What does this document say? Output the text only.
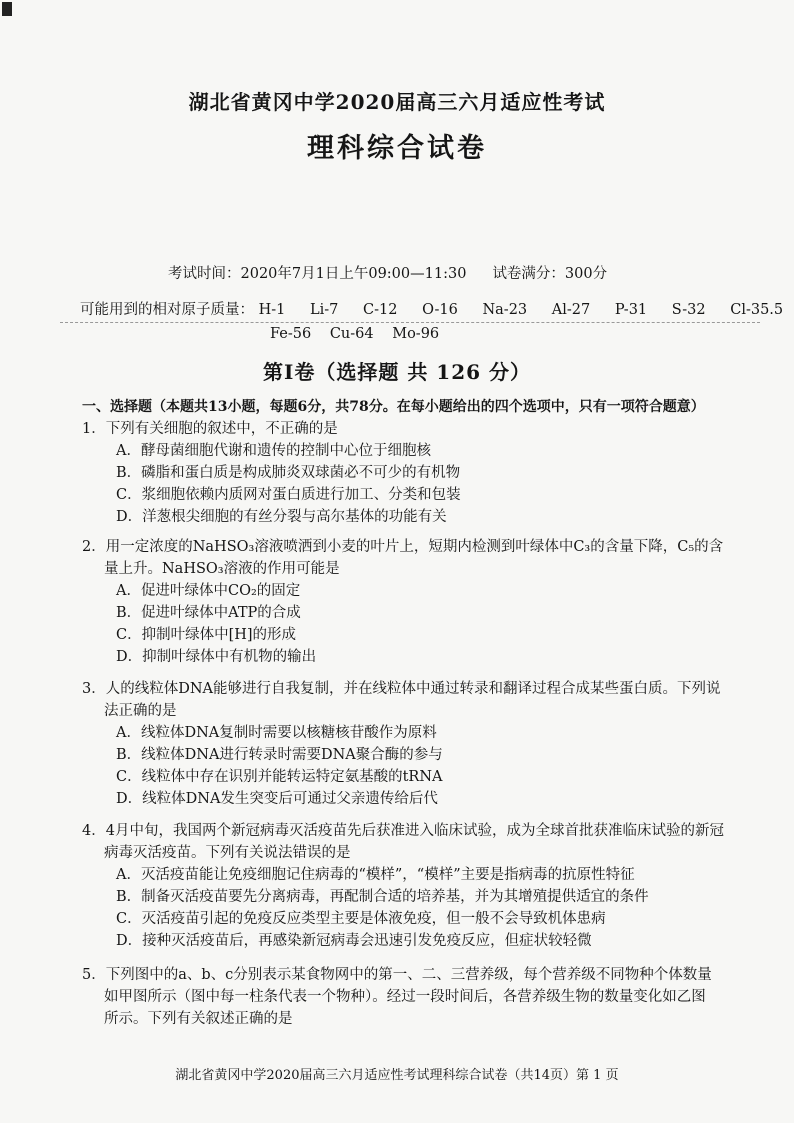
湖北省黄冈中学2020届高三六月适应性考试
理科综合试卷
考试时间：2020年7月1日上午09:00—11:30 试卷满分：300分
可能用到的相对原子质量： H-1 Li-7 C-12 O-16 Na-23 Al-27 P-31 S-32 Cl-35.5
Fe-56 Cu-64 Mo-96
第Ⅰ卷（选择题 共 126 分）
一、选择题（本题共13小题，每题6分，共78分。在每小题给出的四个选项中，只有一项符合题意）
1．下列有关细胞的叙述中，不正确的是
A．酵母菌细胞代谢和遗传的控制中心位于细胞核
B．磷脂和蛋白质是构成肺炎双球菌必不可少的有机物
C．浆细胞依赖内质网对蛋白质进行加工、分类和包装
D．洋葱根尖细胞的有丝分裂与高尔基体的功能有关
2．用一定浓度的NaHSO₃溶液喷洒到小麦的叶片上，短期内检测到叶绿体中C₃的含量下降，C₅的含
量上升。NaHSO₃溶液的作用可能是
A．促进叶绿体中CO₂的固定
B．促进叶绿体中ATP的合成
C．抑制叶绿体中[H]的形成
D．抑制叶绿体中有机物的输出
3．人的线粒体DNA能够进行自我复制，并在线粒体中通过转录和翻译过程合成某些蛋白质。下列说
法正确的是
A．线粒体DNA复制时需要以核糖核苷酸作为原料
B．线粒体DNA进行转录时需要DNA聚合酶的参与
C．线粒体中存在识别并能转运特定氨基酸的tRNA
D．线粒体DNA发生突变后可通过父亲遗传给后代
4．4月中旬，我国两个新冠病毒灭活疫苗先后获准进入临床试验，成为全球首批获准临床试验的新冠
病毒灭活疫苗。下列有关说法错误的是
A．灭活疫苗能让免疫细胞记住病毒的“模样”，“模样”主要是指病毒的抗原性特征
B．制备灭活疫苗要先分离病毒，再配制合适的培养基，并为其增殖提供适宜的条件
C．灭活疫苗引起的免疫反应类型主要是体液免疫，但一般不会导致机体患病
D．接种灭活疫苗后，再感染新冠病毒会迅速引发免疫反应，但症状较轻微
5．下列图中的a、b、c分别表示某食物网中的第一、二、三营养级，每个营养级不同物种个体数量
如甲图所示（图中每一柱条代表一个物种）。经过一段时间后，各营养级生物的数量变化如乙图
所示。下列有关叙述正确的是
湖北省黄冈中学2020届高三六月适应性考试理科综合试卷（共14页）第 1 页
